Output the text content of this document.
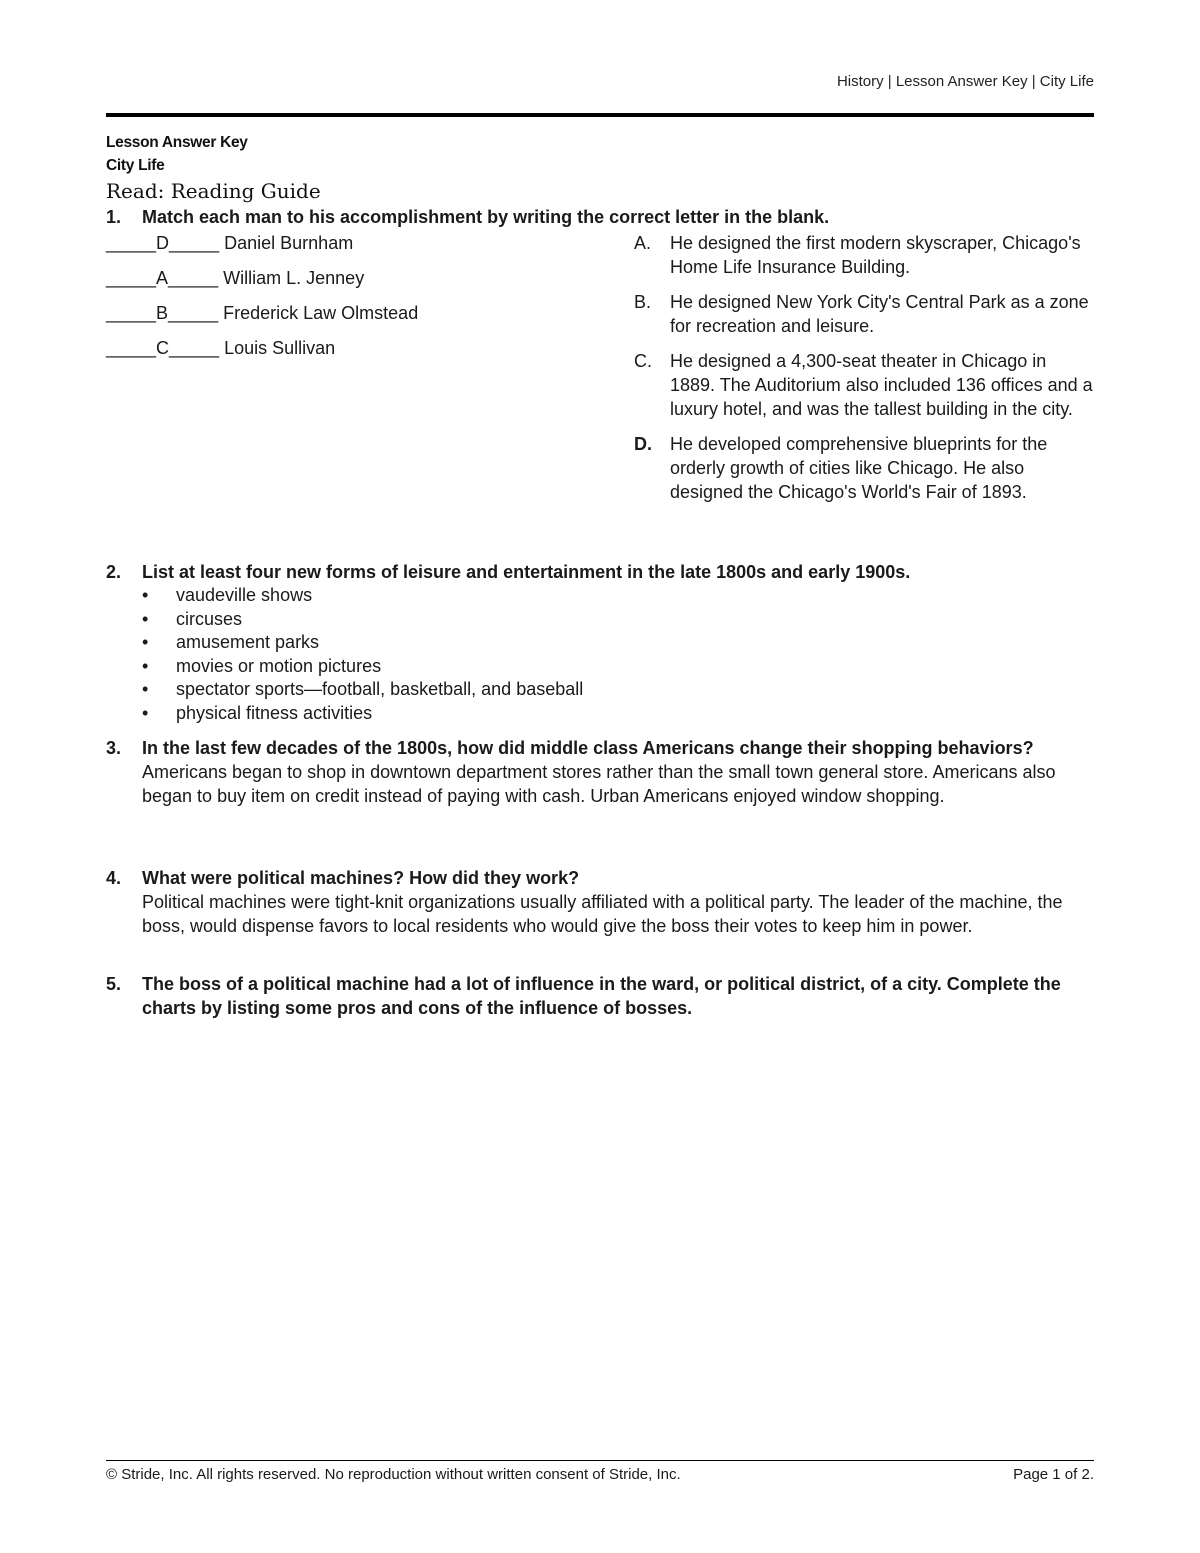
History | Lesson Answer Key | City Life
Lesson Answer Key
City Life
Read: Reading Guide
1. Match each man to his accomplishment by writing the correct letter in the blank.
_____D_____ Daniel Burnham
_____A_____ William L. Jenney
_____B_____ Frederick Law Olmstead
_____C_____ Louis Sullivan
A. He designed the first modern skyscraper, Chicago's Home Life Insurance Building.
B. He designed New York City's Central Park as a zone for recreation and leisure.
C. He designed a 4,300-seat theater in Chicago in 1889. The Auditorium also included 136 offices and a luxury hotel, and was the tallest building in the city.
D. He developed comprehensive blueprints for the orderly growth of cities like Chicago. He also designed the Chicago's World's Fair of 1893.
2. List at least four new forms of leisure and entertainment in the late 1800s and early 1900s.
• vaudeville shows
• circuses
• amusement parks
• movies or motion pictures
• spectator sports—football, basketball, and baseball
• physical fitness activities
3. In the last few decades of the 1800s, how did middle class Americans change their shopping behaviors?
Americans began to shop in downtown department stores rather than the small town general store. Americans also began to buy item on credit instead of paying with cash. Urban Americans enjoyed window shopping.
4. What were political machines? How did they work?
Political machines were tight-knit organizations usually affiliated with a political party. The leader of the machine, the boss, would dispense favors to local residents who would give the boss their votes to keep him in power.
5. The boss of a political machine had a lot of influence in the ward, or political district, of a city. Complete the charts by listing some pros and cons of the influence of bosses.
© Stride, Inc. All rights reserved. No reproduction without written consent of Stride, Inc.	Page 1 of 2.
